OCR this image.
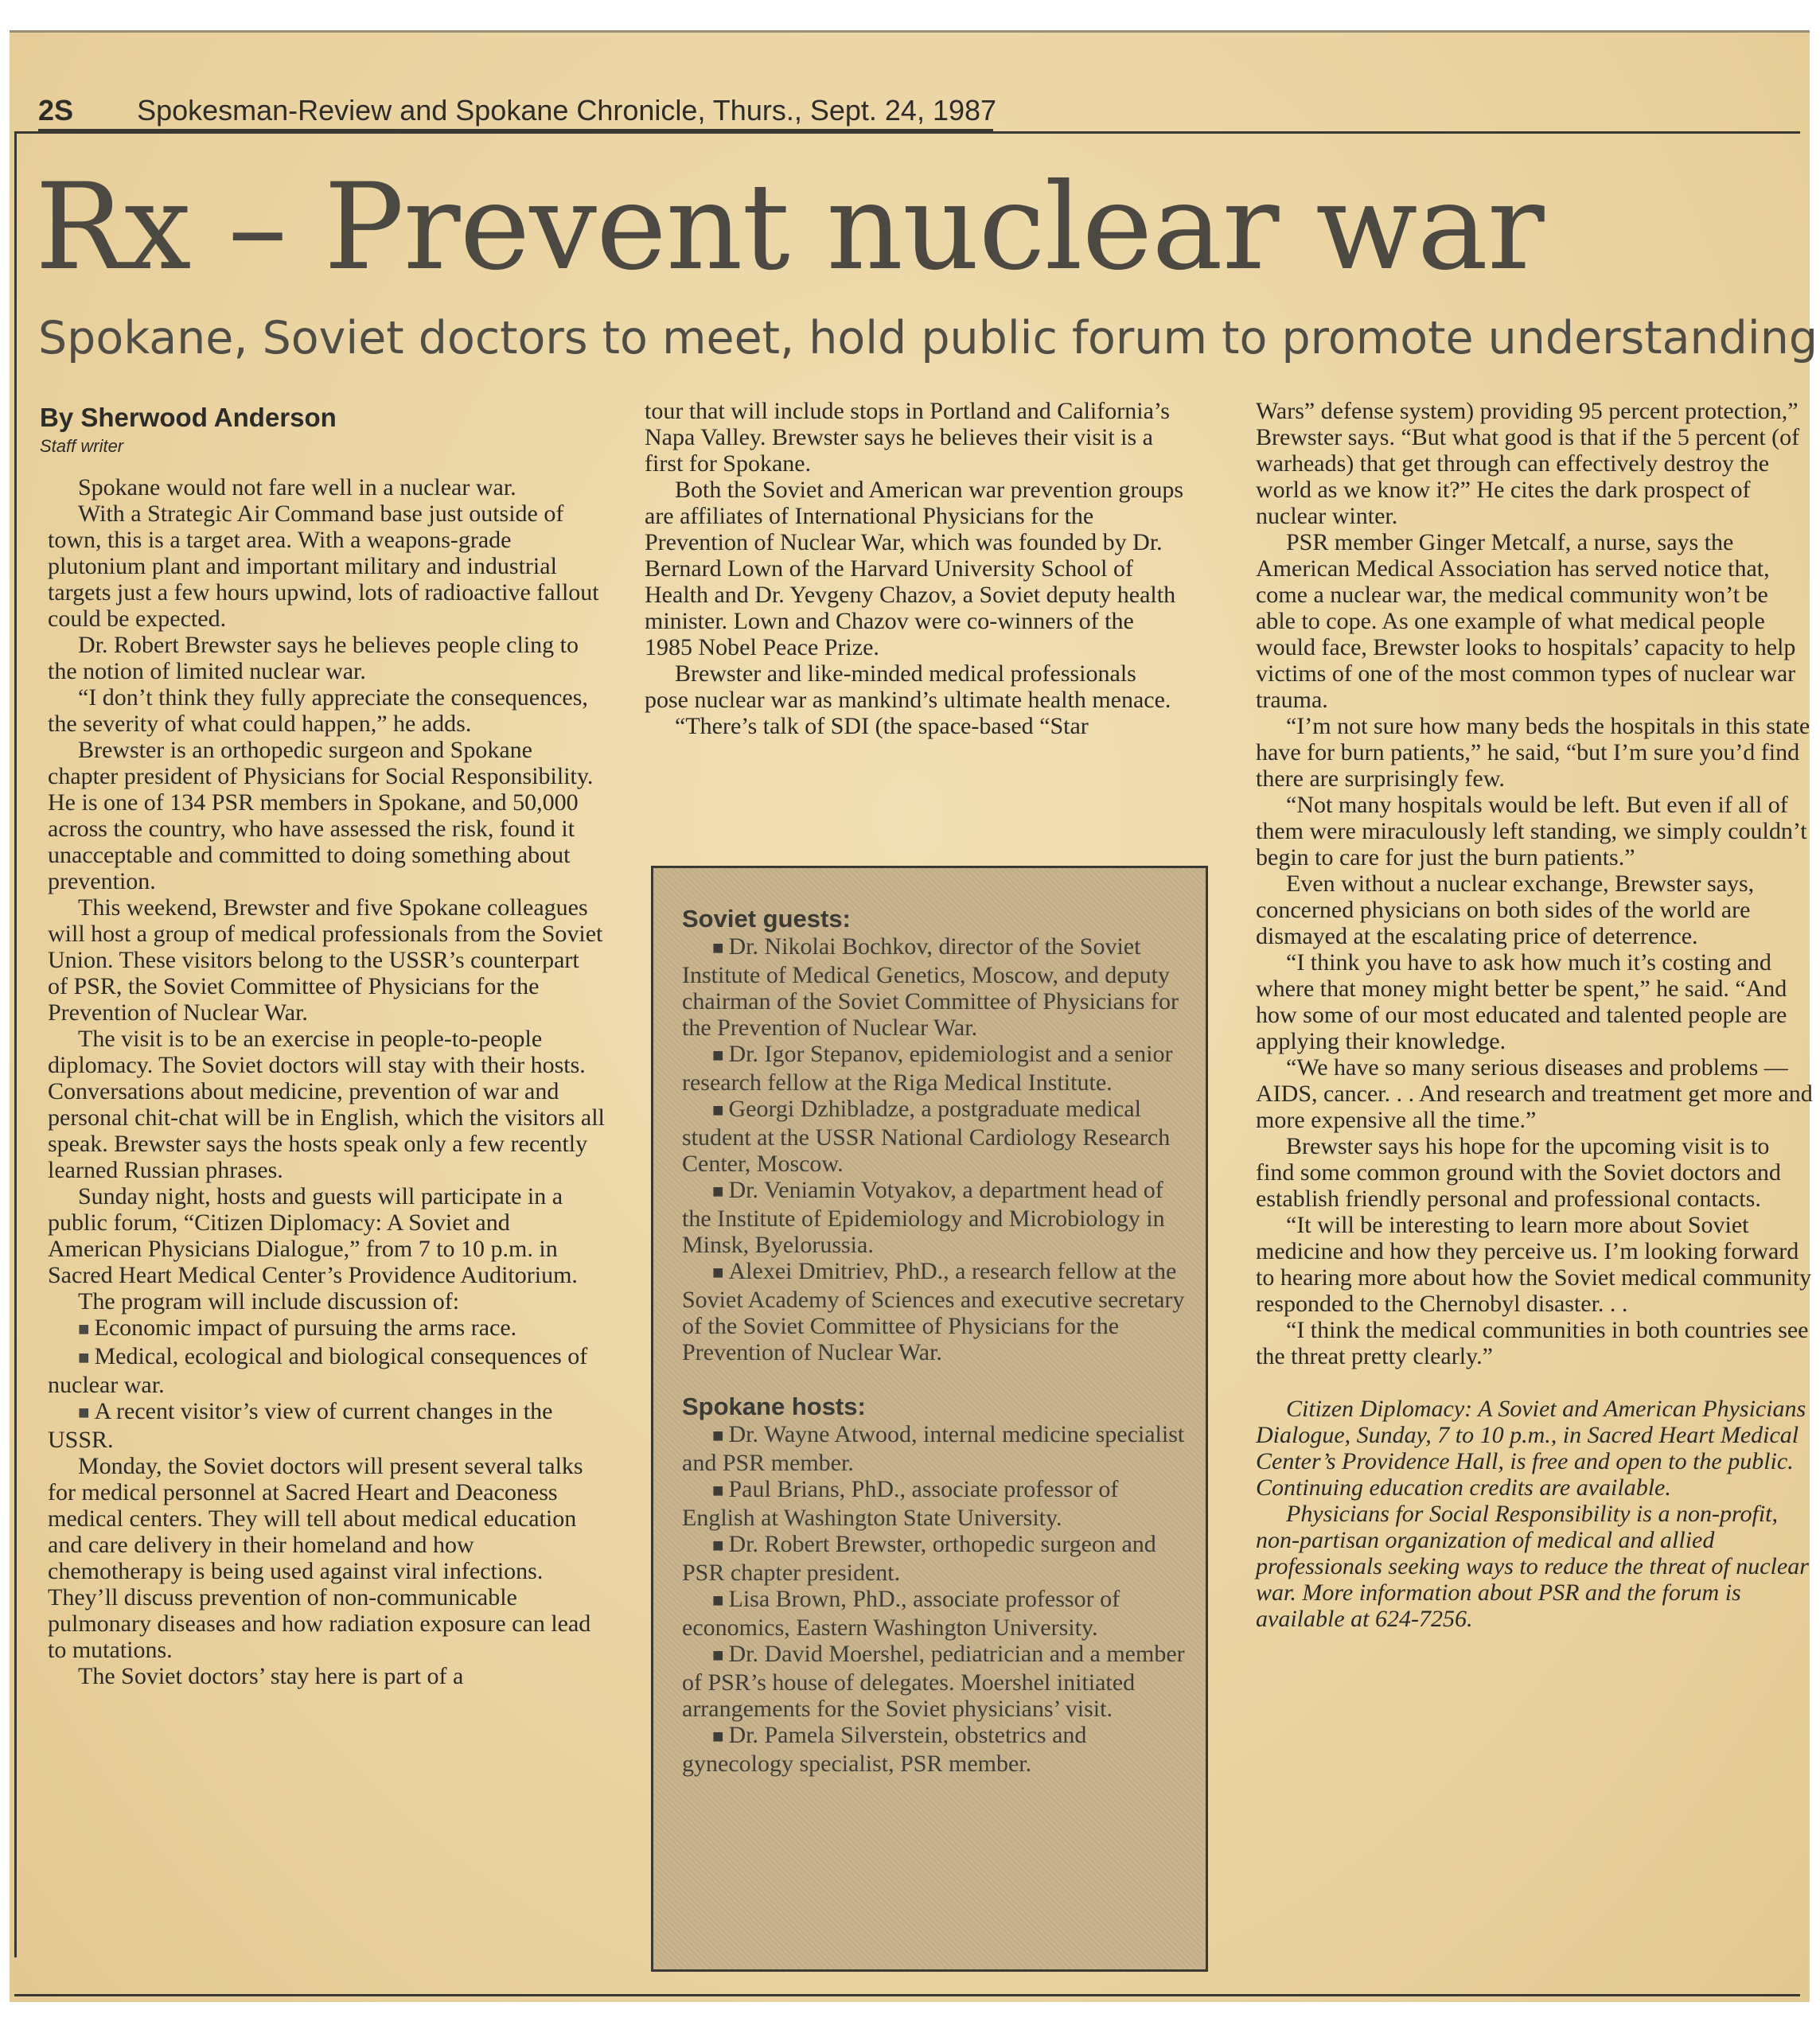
2S Spokesman-Review and Spokane Chronicle, Thurs., Sept. 24, 1987
Rx – Prevent nuclear war
Spokane, Soviet doctors to meet, hold public forum to promote understanding
By Sherwood Anderson
Staff writer

Spokane would not fare well in a nuclear war.

With a Strategic Air Command base just outside of town, this is a target area. With a weapons-grade plutonium plant and important military and industrial targets just a few hours upwind, lots of radioactive fallout could be expected.

Dr. Robert Brewster says he believes people cling to the notion of limited nuclear war.

“I don’t think they fully appreciate the consequences, the severity of what could happen,” he adds.

Brewster is an orthopedic surgeon and Spokane chapter president of Physicians for Social Responsibility. He is one of 134 PSR members in Spokane, and 50,000 across the country, who have assessed the risk, found it unacceptable and committed to doing something about prevention.

This weekend, Brewster and five Spokane colleagues will host a group of medical professionals from the Soviet Union. These visitors belong to the USSR’s counterpart of PSR, the Soviet Committee of Physicians for the Prevention of Nuclear War.

The visit is to be an exercise in people-to-people diplomacy. The Soviet doctors will stay with their hosts. Conversations about medicine, prevention of war and personal chit-chat will be in English, which the visitors all speak. Brewster says the hosts speak only a few recently learned Russian phrases.

Sunday night, hosts and guests will participate in a public forum, “Citizen Diplomacy: A Soviet and American Physicians Dialogue,” from 7 to 10 p.m. in Sacred Heart Medical Center’s Providence Auditorium.

The program will include discussion of:

■ Economic impact of pursuing the arms race.

■ Medical, ecological and biological consequences of nuclear war.

■ A recent visitor’s view of current changes in the USSR.

Monday, the Soviet doctors will present several talks for medical personnel at Sacred Heart and Deaconess medical centers. They will tell about medical education and care delivery in their homeland and how chemotherapy is being used against viral infections. They’ll discuss prevention of non-communicable pulmonary diseases and how radiation exposure can lead to mutations.

The Soviet doctors’ stay here is part of a

tour that will include stops in Portland and California’s Napa Valley. Brewster says he believes their visit is a first for Spokane.

Both the Soviet and American war prevention groups are affiliates of International Physicians for the Prevention of Nuclear War, which was founded by Dr. Bernard Lown of the Harvard University School of Health and Dr. Yevgeny Chazov, a Soviet deputy health minister. Lown and Chazov were co-winners of the 1985 Nobel Peace Prize.

Brewster and like-minded medical professionals pose nuclear war as mankind’s ultimate health menace.

“There’s talk of SDI (the space-based “Star

Soviet guests:

■ Dr. Nikolai Bochkov, director of the Soviet Institute of Medical Genetics, Moscow, and deputy chairman of the Soviet Committee of Physicians for the Prevention of Nuclear War.

■ Dr. Igor Stepanov, epidemiologist and a senior research fellow at the Riga Medical Institute.

■ Georgi Dzhibladze, a postgraduate medical student at the USSR National Cardiology Research Center, Moscow.

■ Dr. Veniamin Votyakov, a department head of the Institute of Epidemiology and Microbiology in Minsk, Byelorussia.

■ Alexei Dmitriev, PhD., a research fellow at the Soviet Academy of Sciences and executive secretary of the Soviet Committee of Physicians for the Prevention of Nuclear War.

Spokane hosts:

■ Dr. Wayne Atwood, internal medicine specialist and PSR member.

■ Paul Brians, PhD., associate professor of English at Washington State University.

■ Dr. Robert Brewster, orthopedic surgeon and PSR chapter president.

■ Lisa Brown, PhD., associate professor of economics, Eastern Washington University.

■ Dr. David Moershel, pediatrician and a member of PSR’s house of delegates. Moershel initiated arrangements for the Soviet physicians’ visit.

■ Dr. Pamela Silverstein, obstetrics and gynecology specialist, PSR member.

Wars” defense system) providing 95 percent protection,” Brewster says. “But what good is that if the 5 percent (of warheads) that get through can effectively destroy the world as we know it?” He cites the dark prospect of nuclear winter.

PSR member Ginger Metcalf, a nurse, says the American Medical Association has served notice that, come a nuclear war, the medical community won’t be able to cope. As one example of what medical people would face, Brewster looks to hospitals’ capacity to help victims of one of the most common types of nuclear war trauma.

“I’m not sure how many beds the hospitals in this state have for burn patients,” he said, “but I’m sure you’d find there are surprisingly few.

“Not many hospitals would be left. But even if all of them were miraculously left standing, we simply couldn’t begin to care for just the burn patients.”

Even without a nuclear exchange, Brewster says, concerned physicians on both sides of the world are dismayed at the escalating price of deterrence.

“I think you have to ask how much it’s costing and where that money might better be spent,” he said. “And how some of our most educated and talented people are applying their knowledge.

“We have so many serious diseases and problems — AIDS, cancer. . . And research and treatment get more and more expensive all the time.”

Brewster says his hope for the upcoming visit is to find some common ground with the Soviet doctors and establish friendly personal and professional contacts.

“It will be interesting to learn more about Soviet medicine and how they perceive us. I’m looking forward to hearing more about how the Soviet medical community responded to the Chernobyl disaster. . .

“I think the medical communities in both countries see the threat pretty clearly.”

Citizen Diplomacy: A Soviet and American Physicians Dialogue, Sunday, 7 to 10 p.m., in Sacred Heart Medical Center’s Providence Hall, is free and open to the public. Continuing education credits are available.

Physicians for Social Responsibility is a non-profit, non-partisan organization of medical and allied professionals seeking ways to reduce the threat of nuclear war. More information about PSR and the forum is available at 624-7256.
